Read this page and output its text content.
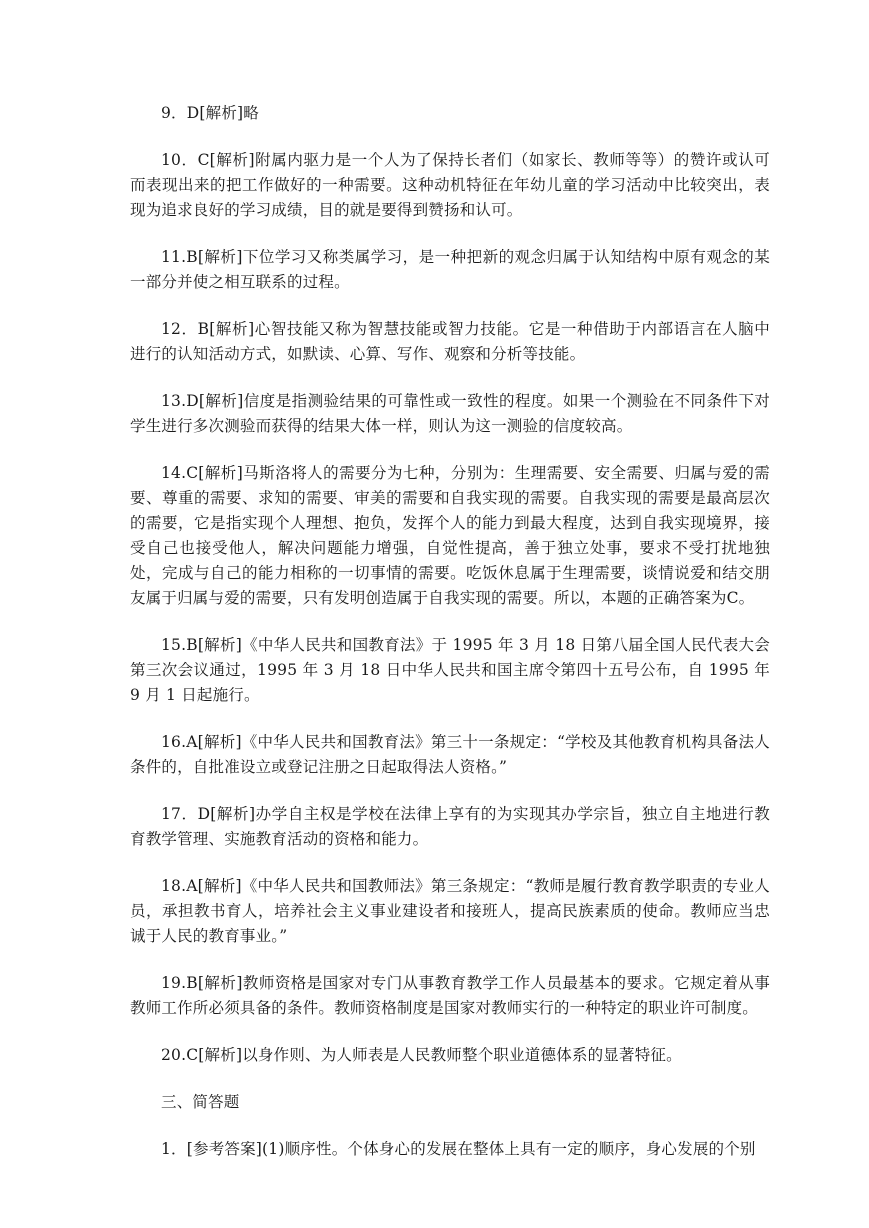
9．D[解析]略

10．C[解析]附属内驱力是一个人为了保持长者们（如家长、教师等等）的赞许或认可而表现出来的把工作做好的一种需要。这种动机特征在年幼儿童的学习活动中比较突出，表现为追求良好的学习成绩，目的就是要得到赞扬和认可。

11.B[解析]下位学习又称类属学习，是一种把新的观念归属于认知结构中原有观念的某一部分并使之相互联系的过程。

12．B[解析]心智技能又称为智慧技能或智力技能。它是一种借助于内部语言在人脑中进行的认知活动方式，如默读、心算、写作、观察和分析等技能。

13.D[解析]信度是指测验结果的可靠性或一致性的程度。如果一个测验在不同条件下对学生进行多次测验而获得的结果大体一样，则认为这一测验的信度较高。

14.C[解析]马斯洛将人的需要分为七种，分别为：生理需要、安全需要、归属与爱的需要、尊重的需要、求知的需要、审美的需要和自我实现的需要。自我实现的需要是最高层次的需要，它是指实现个人理想、抱负，发挥个人的能力到最大程度，达到自我实现境界，接受自己也接受他人，解决问题能力增强，自觉性提高，善于独立处事，要求不受打扰地独处，完成与自己的能力相称的一切事情的需要。吃饭休息属于生理需要，谈情说爱和结交朋友属于归属与爱的需要，只有发明创造属于自我实现的需要。所以，本题的正确答案为C。

15.B[解析]《中华人民共和国教育法》于 1995 年 3 月 18 日第八届全国人民代表大会第三次会议通过，1995 年 3 月 18 日中华人民共和国主席令第四十五号公布，自 1995 年 9 月 1 日起施行。

16.A[解析]《中华人民共和国教育法》第三十一条规定：“学校及其他教育机构具备法人条件的，自批准设立或登记注册之日起取得法人资格。”

17．D[解析]办学自主权是学校在法律上享有的为实现其办学宗旨，独立自主地进行教育教学管理、实施教育活动的资格和能力。

18.A[解析]《中华人民共和国教师法》第三条规定：“教师是履行教育教学职责的专业人员，承担教书育人，培养社会主义事业建设者和接班人，提高民族素质的使命。教师应当忠诚于人民的教育事业。”

19.B[解析]教师资格是国家对专门从事教育教学工作人员最基本的要求。它规定着从事教师工作所必须具备的条件。教师资格制度是国家对教师实行的一种特定的职业许可制度。

20.C[解析]以身作则、为人师表是人民教师整个职业道德体系的显著特征。

三、简答题

1．[参考答案](1)顺序性。个体身心的发展在整体上具有一定的顺序，身心发展的个别
